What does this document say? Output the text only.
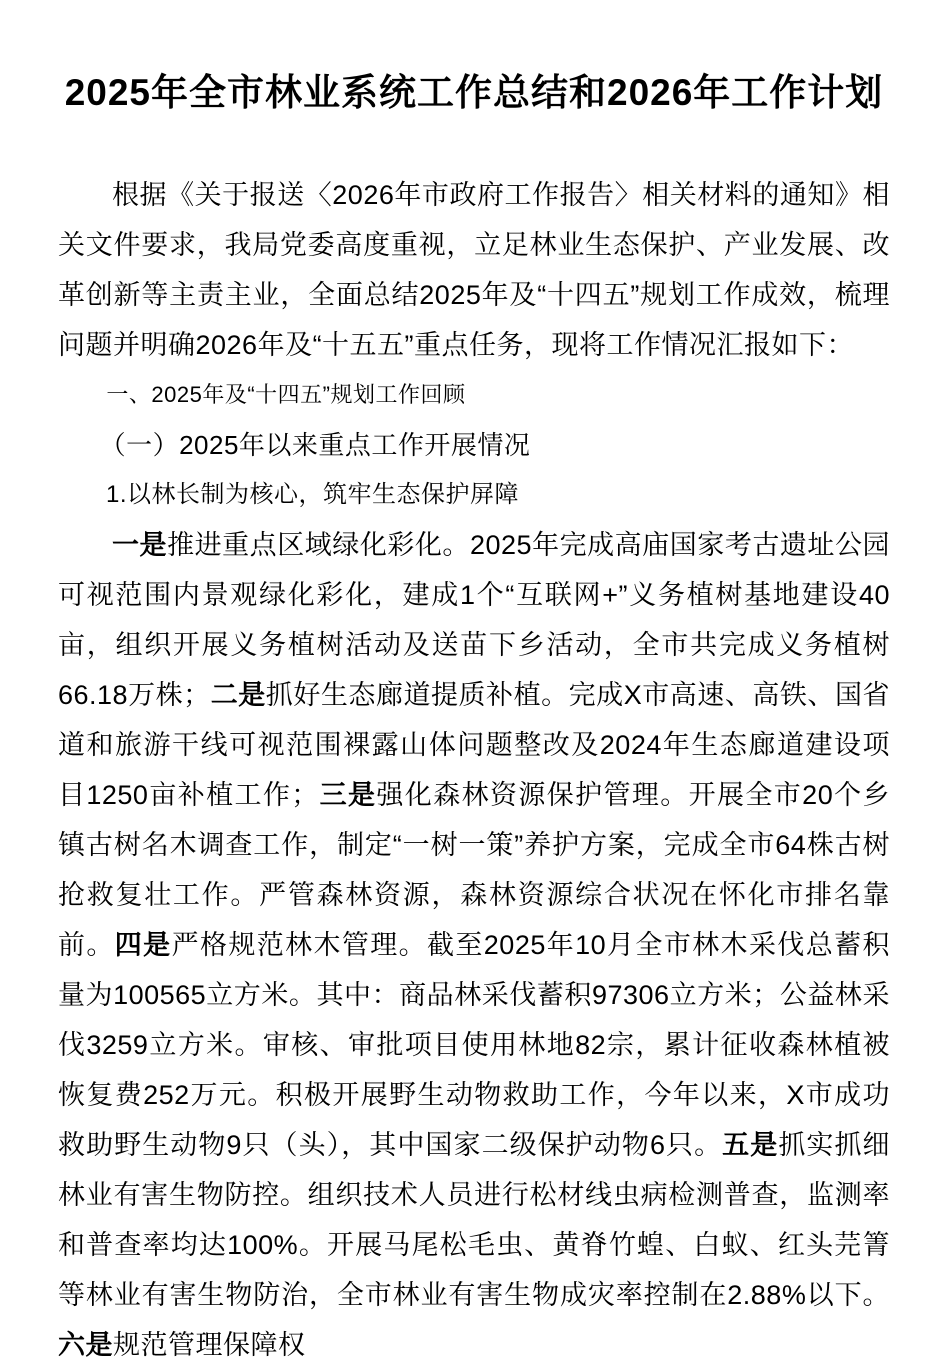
2025年全市林业系统工作总结和2026年工作计划

根据《关于报送〈2026年市政府工作报告〉相关材料的通知》相关文件要求，我局党委高度重视，立足林业生态保护、产业发展、改革创新等主责主业，全面总结2025年及“十四五”规划工作成效，梳理问题并明确2026年及“十五五”重点任务，现将工作情况汇报如下：

一、2025年及“十四五”规划工作回顾

（一）2025年以来重点工作开展情况

1.以林长制为核心，筑牢生态保护屏障

一是推进重点区域绿化彩化。2025年完成高庙国家考古遗址公园可视范围内景观绿化彩化，建成1个“互联网+”义务植树基地建设40亩，组织开展义务植树活动及送苗下乡活动，全市共完成义务植树66.18万株；二是抓好生态廊道提质补植。完成X市高速、高铁、国省道和旅游干线可视范围裸露山体问题整改及2024年生态廊道建设项目1250亩补植工作；三是强化森林资源保护管理。开展全市20个乡镇古树名木调查工作，制定“一树一策”养护方案，完成全市64株古树抢救复壮工作。严管森林资源，森林资源综合状况在怀化市排名靠前。四是严格规范林木管理。截至2025年10月全市林木采伐总蓄积量为100565立方米。其中：商品林采伐蓄积97306立方米；公益林采伐3259立方米。审核、审批项目使用林地82宗，累计征收森林植被恢复费252万元。积极开展野生动物救助工作，今年以来，X市成功救助野生动物9只（头），其中国家二级保护动物6只。五是抓实抓细林业有害生物防控。组织技术人员进行松材线虫病检测普查，监测率和普查率均达100%。开展马尾松毛虫、黄脊竹蝗、白蚁、红头芫箐等林业有害生物防治，全市林业有害生物成灾率控制在2.88%以下。六是规范管理保障权
